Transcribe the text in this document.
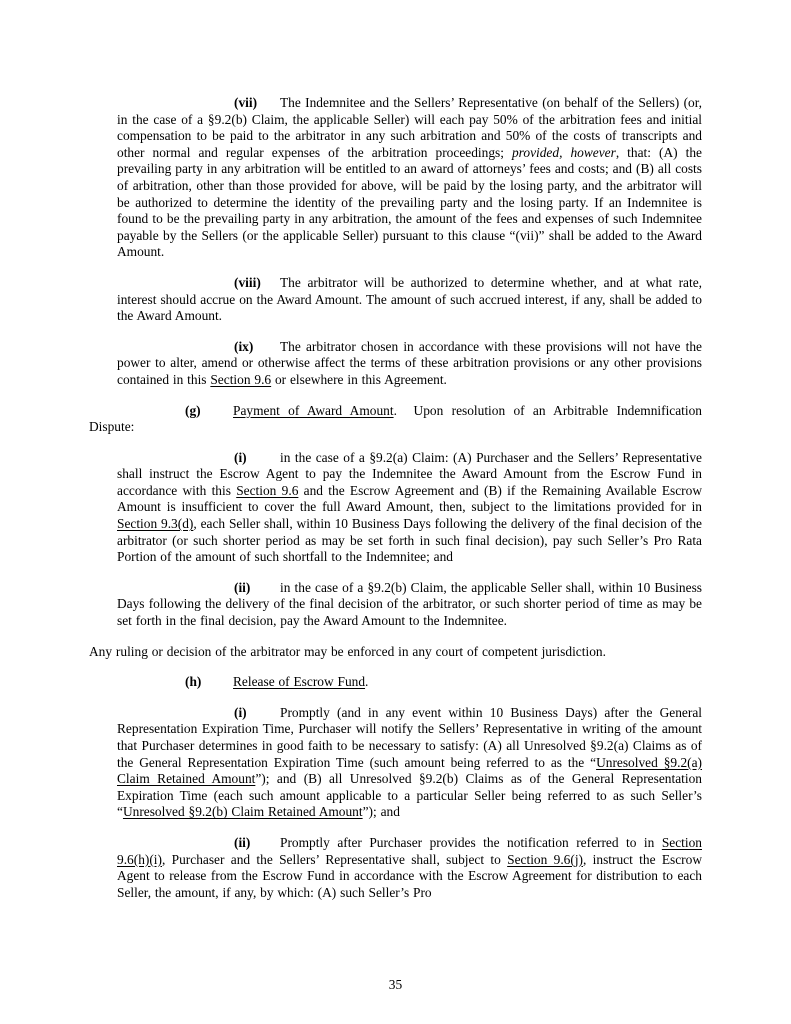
(vii) The Indemnitee and the Sellers’ Representative (on behalf of the Sellers) (or, in the case of a §9.2(b) Claim, the applicable Seller) will each pay 50% of the arbitration fees and initial compensation to be paid to the arbitrator in any such arbitration and 50% of the costs of transcripts and other normal and regular expenses of the arbitration proceedings; provided, however, that: (A) the prevailing party in any arbitration will be entitled to an award of attorneys’ fees and costs; and (B) all costs of arbitration, other than those provided for above, will be paid by the losing party, and the arbitrator will be authorized to determine the identity of the prevailing party and the losing party. If an Indemnitee is found to be the prevailing party in any arbitration, the amount of the fees and expenses of such Indemnitee payable by the Sellers (or the applicable Seller) pursuant to this clause “(vii)” shall be added to the Award Amount.

(viii) The arbitrator will be authorized to determine whether, and at what rate, interest should accrue on the Award Amount. The amount of such accrued interest, if any, shall be added to the Award Amount.

(ix) The arbitrator chosen in accordance with these provisions will not have the power to alter, amend or otherwise affect the terms of these arbitration provisions or any other provisions contained in this Section 9.6 or elsewhere in this Agreement.

(g) Payment of Award Amount.  Upon resolution of an Arbitrable Indemnification Dispute:

(i) in the case of a §9.2(a) Claim: (A) Purchaser and the Sellers’ Representative shall instruct the Escrow Agent to pay the Indemnitee the Award Amount from the Escrow Fund in accordance with this Section 9.6 and the Escrow Agreement and (B) if the Remaining Available Escrow Amount is insufficient to cover the full Award Amount, then, subject to the limitations provided for in Section 9.3(d), each Seller shall, within 10 Business Days following the delivery of the final decision of the arbitrator (or such shorter period as may be set forth in such final decision), pay such Seller’s Pro Rata Portion of the amount of such shortfall to the Indemnitee; and

(ii) in the case of a §9.2(b) Claim, the applicable Seller shall, within 10 Business Days following the delivery of the final decision of the arbitrator, or such shorter period of time as may be set forth in the final decision, pay the Award Amount to the Indemnitee.

Any ruling or decision of the arbitrator may be enforced in any court of competent jurisdiction.

(h) Release of Escrow Fund.

(i) Promptly (and in any event within 10 Business Days) after the General Representation Expiration Time, Purchaser will notify the Sellers’ Representative in writing of the amount that Purchaser determines in good faith to be necessary to satisfy: (A) all Unresolved §9.2(a) Claims as of the General Representation Expiration Time (such amount being referred to as the “Unresolved §9.2(a) Claim Retained Amount”); and (B) all Unresolved §9.2(b) Claims as of the General Representation Expiration Time (each such amount applicable to a particular Seller being referred to as such Seller’s “Unresolved §9.2(b) Claim Retained Amount”); and

(ii) Promptly after Purchaser provides the notification referred to in Section 9.6(h)(i), Purchaser and the Sellers’ Representative shall, subject to Section 9.6(j), instruct the Escrow Agent to release from the Escrow Fund in accordance with the Escrow Agreement for distribution to each Seller, the amount, if any, by which: (A) such Seller’s Pro

35
